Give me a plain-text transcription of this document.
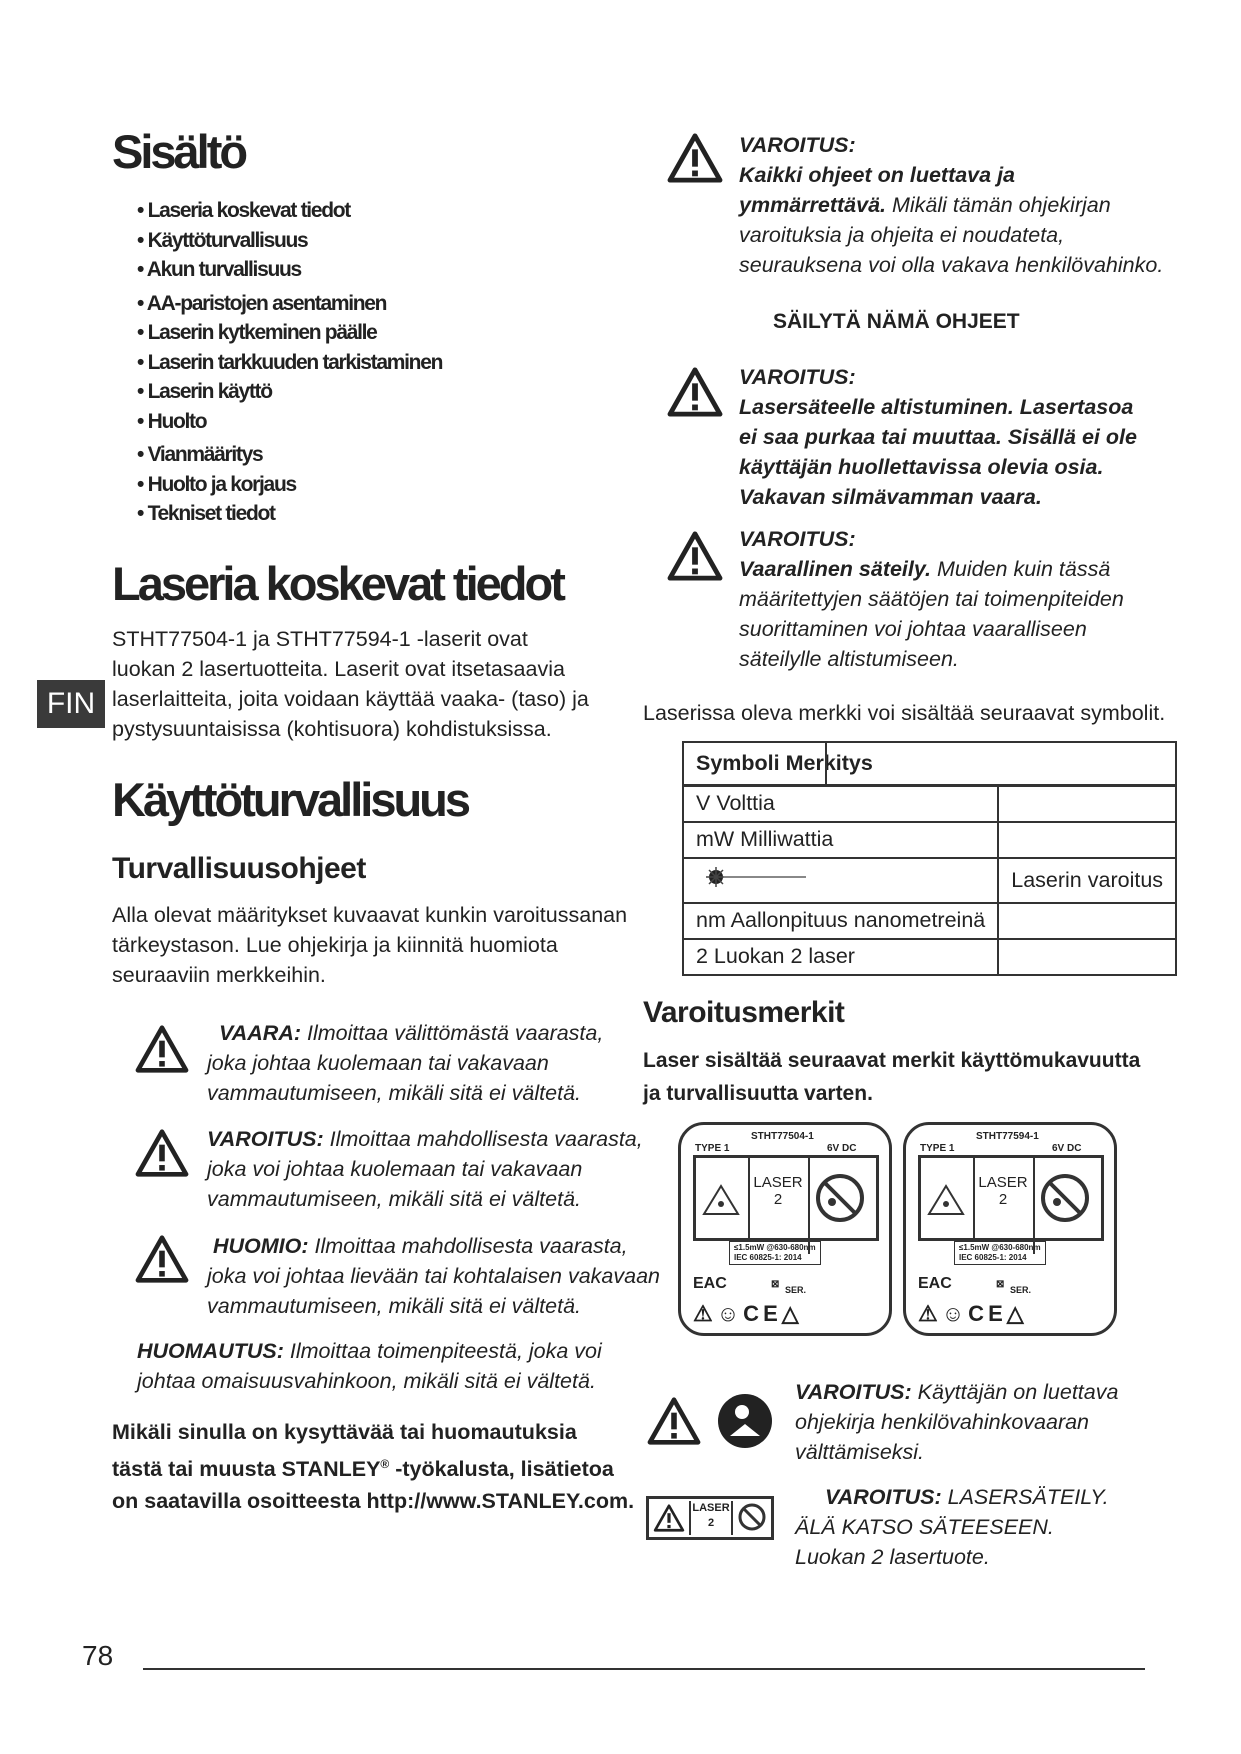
Sisältö
• Laseria koskevat tiedot
• Käyttöturvallisuus
• Akun turvallisuus
• AA-paristojen asentaminen
• Laserin kytkeminen päälle
• Laserin tarkkuuden tarkistaminen
• Laserin käyttö
• Huolto
• Vianmääritys
• Huolto ja korjaus
• Tekniset tiedot
Laseria koskevat tiedot
STHT77504-1 ja STHT77594-1 -laserit ovat
luokan 2 lasertuotteita. Laserit ovat itsetasaavia
laserlaitteita, joita voidaan käyttää vaaka- (taso) ja
pystysuuntaisissa (kohtisuora) kohdistuksissa.
FIN
Käyttöturvallisuus
Turvallisuusohjeet
Alla olevat määritykset kuvaavat kunkin varoitussanan
tärkeystason. Lue ohjekirja ja kiinnitä huomiota
seuraaviin merkkeihin.
VAARA: Ilmoittaa välittömästä vaarasta,
joka johtaa kuolemaan tai vakavaan
vammautumiseen, mikäli sitä ei vältetä.
VAROITUS: Ilmoittaa mahdollisesta vaarasta,
joka voi johtaa kuolemaan tai vakavaan
vammautumiseen, mikäli sitä ei vältetä.
HUOMIO: Ilmoittaa mahdollisesta vaarasta,
joka voi johtaa lievään tai kohtalaisen vakavaan
vammautumiseen, mikäli sitä ei vältetä.
HUOMAUTUS: Ilmoittaa toimenpiteestä, joka voi
johtaa omaisuusvahinkoon, mikäli sitä ei vältetä.
Mikäli sinulla on kysyttävää tai huomautuksia
tästä tai muusta STANLEY® -työkalusta, lisätietoa
on saatavilla osoitteesta http://www.STANLEY.com.
VAROITUS:
Kaikki ohjeet on luettava ja
ymmärrettävä. Mikäli tämän ohjekirjan
varoituksia ja ohjeita ei noudateta,
seurauksena voi olla vakava henkilövahinko.
SÄILYTÄ NÄMÄ OHJEET
VAROITUS:
Lasersäteelle altistuminen. Lasertasoa
ei saa purkaa tai muuttaa. Sisällä ei ole
käyttäjän huollettavissa olevia osia.
Vakavan silmävamman vaara.
VAROITUS:
Vaarallinen säteily. Muiden kuin tässä
määritettyjen säätöjen tai toimenpiteiden
suorittaminen voi johtaa vaaralliseen
säteilylle altistumiseen.
Laserissa oleva merkki voi sisältää seuraavat symbolit.
Symboli Merkitys	

V Volttia	
mW Milliwattia	
	Laserin varoitus
nm Aallonpituus nanometreinä	
2 Luokan 2 laser	
Varoitusmerkit
Laser sisältää seuraavat merkit käyttömukavuutta
ja turvallisuutta varten.
STHT77504-1
TYPE 1	6V DC
LASER
2
≤1.5mW @630-680nm
IEC 60825-1: 2014
EAC	⊠ SER.
⚠☺CE△
STHT77594-1
TYPE 1	6V DC
LASER
2
≤1.5mW @630-680nm
IEC 60825-1: 2014
EAC	⊠ SER.
⚠☺CE△
VAROITUS: Käyttäjän on luettava
ohjekirja henkilövahinkovaaran
välttämiseksi.
LASER
2
VAROITUS: LASERSÄTEILY.
ÄLÄ KATSO SÄTEESEEN.
Luokan 2 lasertuote.
78
